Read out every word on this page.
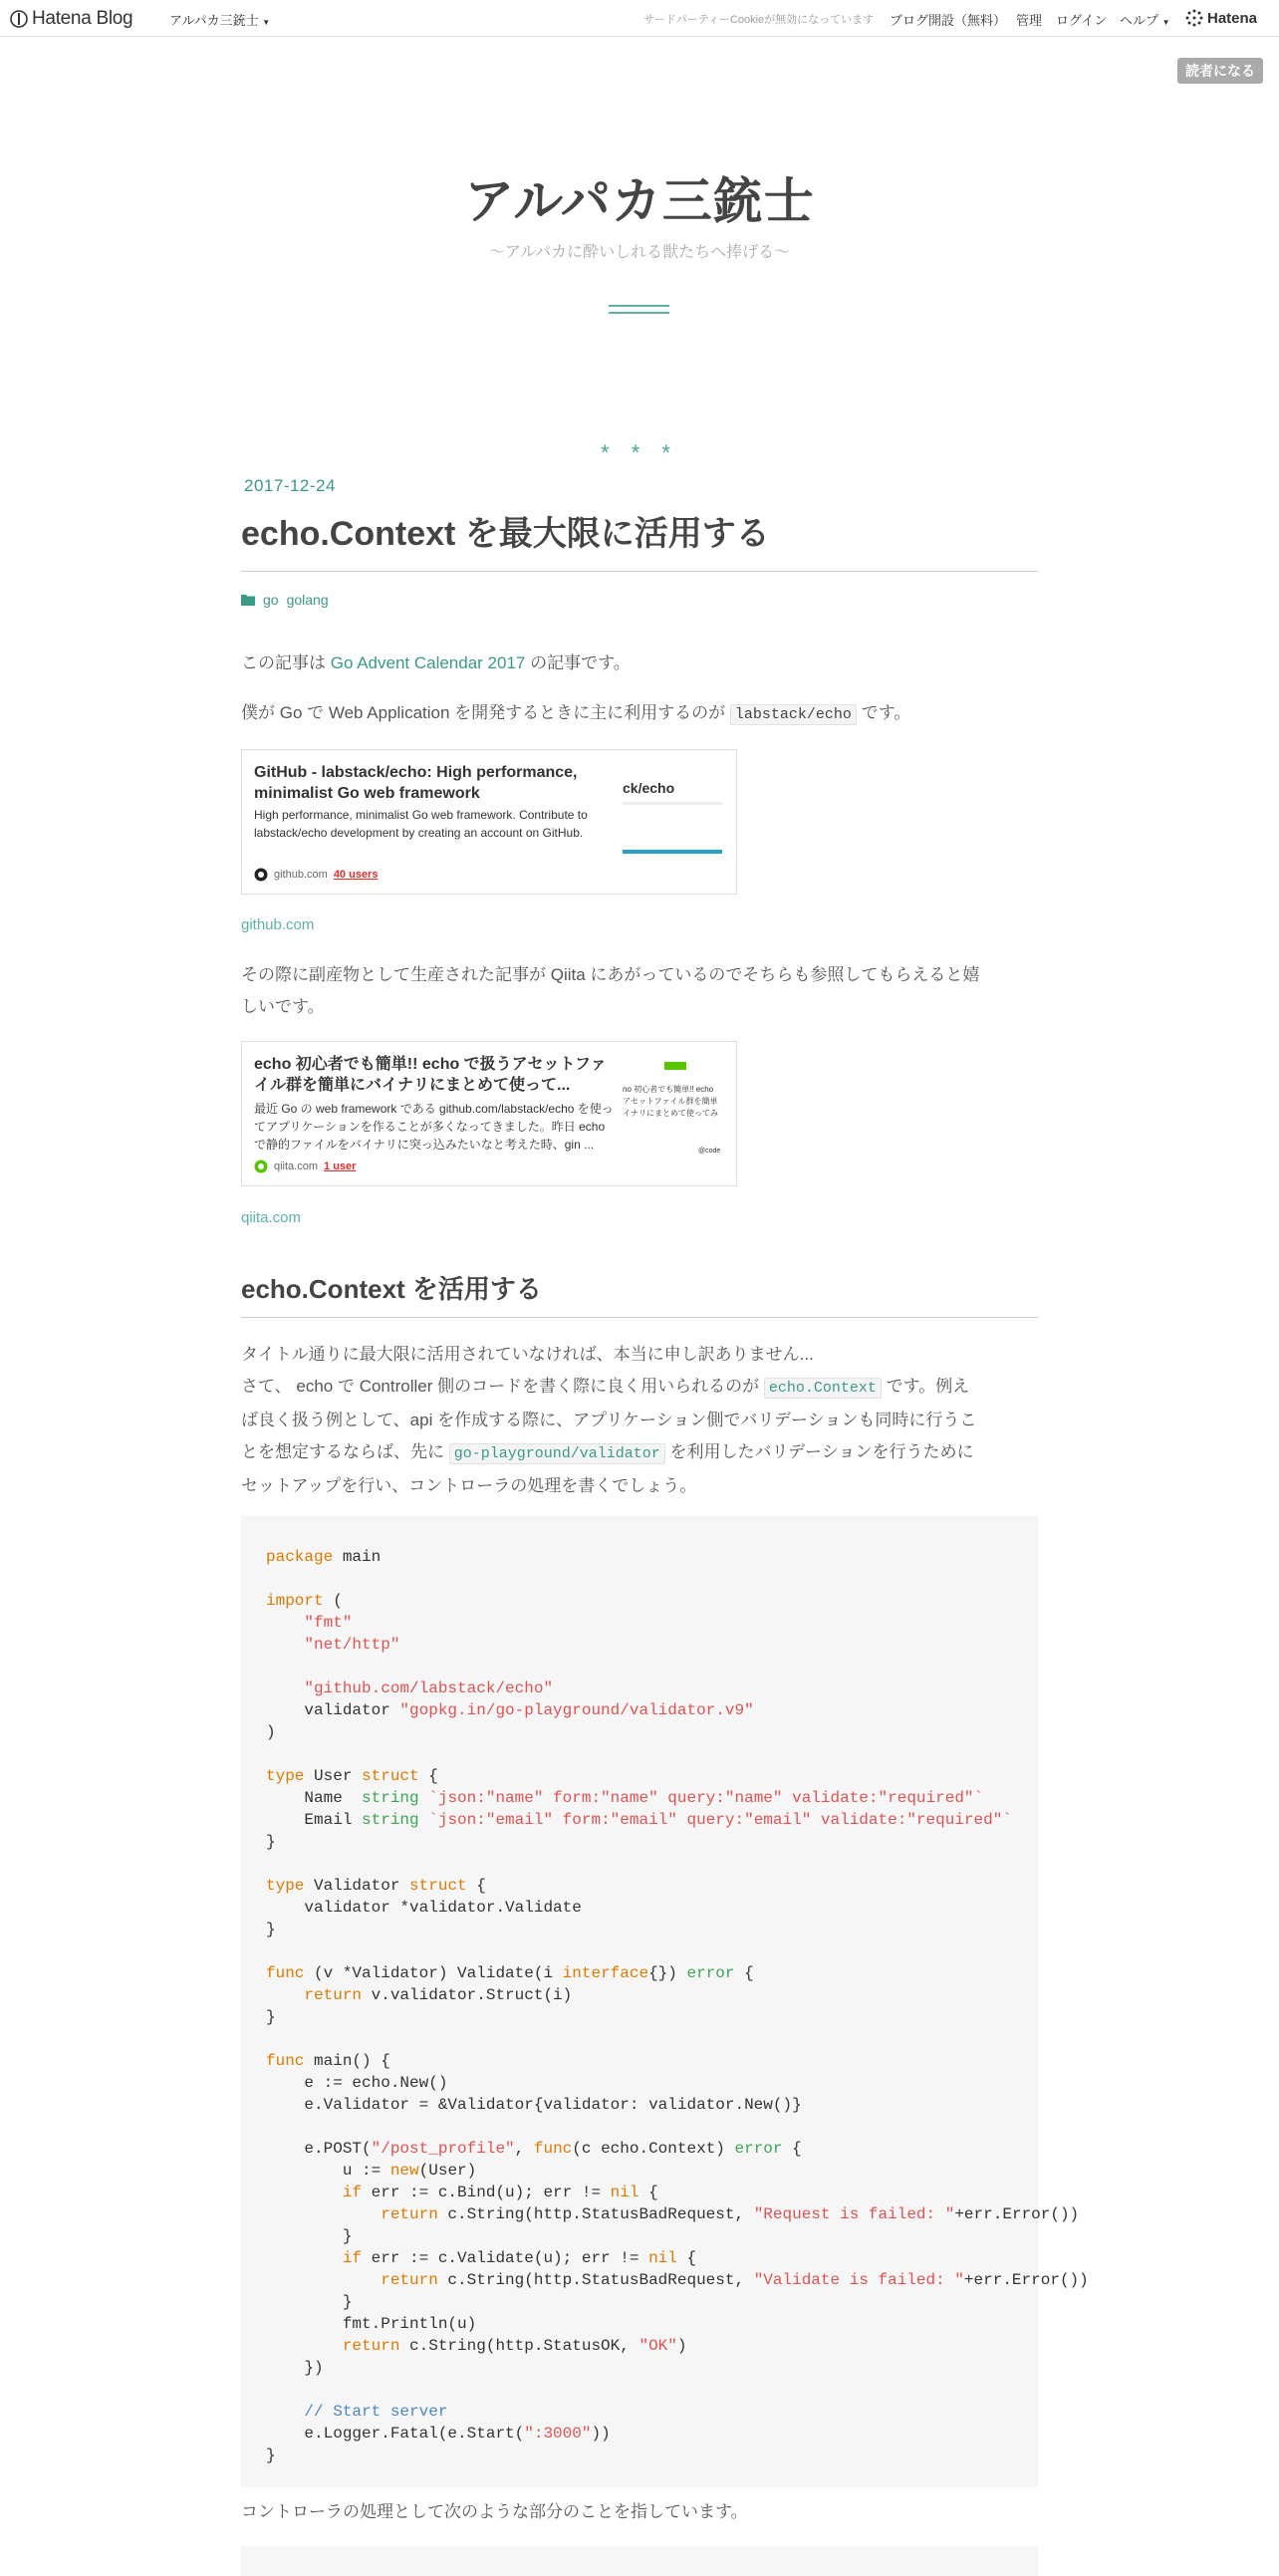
Hatena Blog	アルパカ三銃士 ▼	サードパーティーCookieが無効になっています ブログ開設（無料） 管理 ログイン ヘルプ ▼ Hatena
読者になる
アルパカ三銃士
〜アルパカに酔いしれる獣たちへ捧げる〜
* * *
2017-12-24
echo.Context を最大限に活用する
go golang
この記事は Go Advent Calendar 2017 の記事です。
僕が Go で Web Application を開発するときに主に利用するのが labstack/echo です。
GitHub - labstack/echo: High performance, minimalist Go web framework
High performance, minimalist Go web framework. Contribute to labstack/echo development by creating an account on GitHub.
ck/echo
github.com 40 users
github.com
その際に副産物として生産された記事が Qiita にあがっているのでそちらも参照してもらえると嬉
しいです。
echo 初心者でも簡単!! echo で扱うアセットファイル群を簡単にバイナリにまとめて使って...
最近 Go の web framework である github.com/labstack/echo を使ってアプリケーションを作ることが多くなってきました。昨日 echo で静的ファイルをバイナリに突っ込みたいなと考えた時、gin ...
no 初心者でも簡単!! echo
アセットファイル群を簡単
イナリにまとめて使ってみ
@code
qiita.com 1 user
qiita.com
echo.Context を活用する
タイトル通りに最大限に活用されていなければ、本当に申し訳ありません...
さて、 echo で Controller 側のコードを書く際に良く用いられるのが echo.Context です。例え
ば良く扱う例として、api を作成する際に、アプリケーション側でバリデーションも同時に行うこ
とを想定するならば、先に go-playground/validator を利用したバリデーションを行うために
セットアップを行い、コントローラの処理を書くでしょう。
package main
import (
"fmt"
"net/http"
"github.com/labstack/echo"
validator "gopkg.in/go-playground/validator.v9"
)
type User struct {
Name  string `json:"name" form:"name" query:"name" validate:"required"`
Email string `json:"email" form:"email" query:"email" validate:"required"`
}
type Validator struct {
validator *validator.Validate
}
func (v *Validator) Validate(i interface{}) error {
return v.validator.Struct(i)
}
func main() {
e := echo.New()
e.Validator = &Validator{validator: validator.New()}
e.POST("/post_profile", func(c echo.Context) error {
u := new(User)
if err := c.Bind(u); err != nil {
return c.String(http.StatusBadRequest, "Request is failed: "+err.Error())
}
if err := c.Validate(u); err != nil {
return c.String(http.StatusBadRequest, "Validate is failed: "+err.Error())
}
fmt.Println(u)
return c.String(http.StatusOK, "OK")
})
// Start server
e.Logger.Fatal(e.Start(":3000"))
}
コントローラの処理として次のような部分のことを指しています。
